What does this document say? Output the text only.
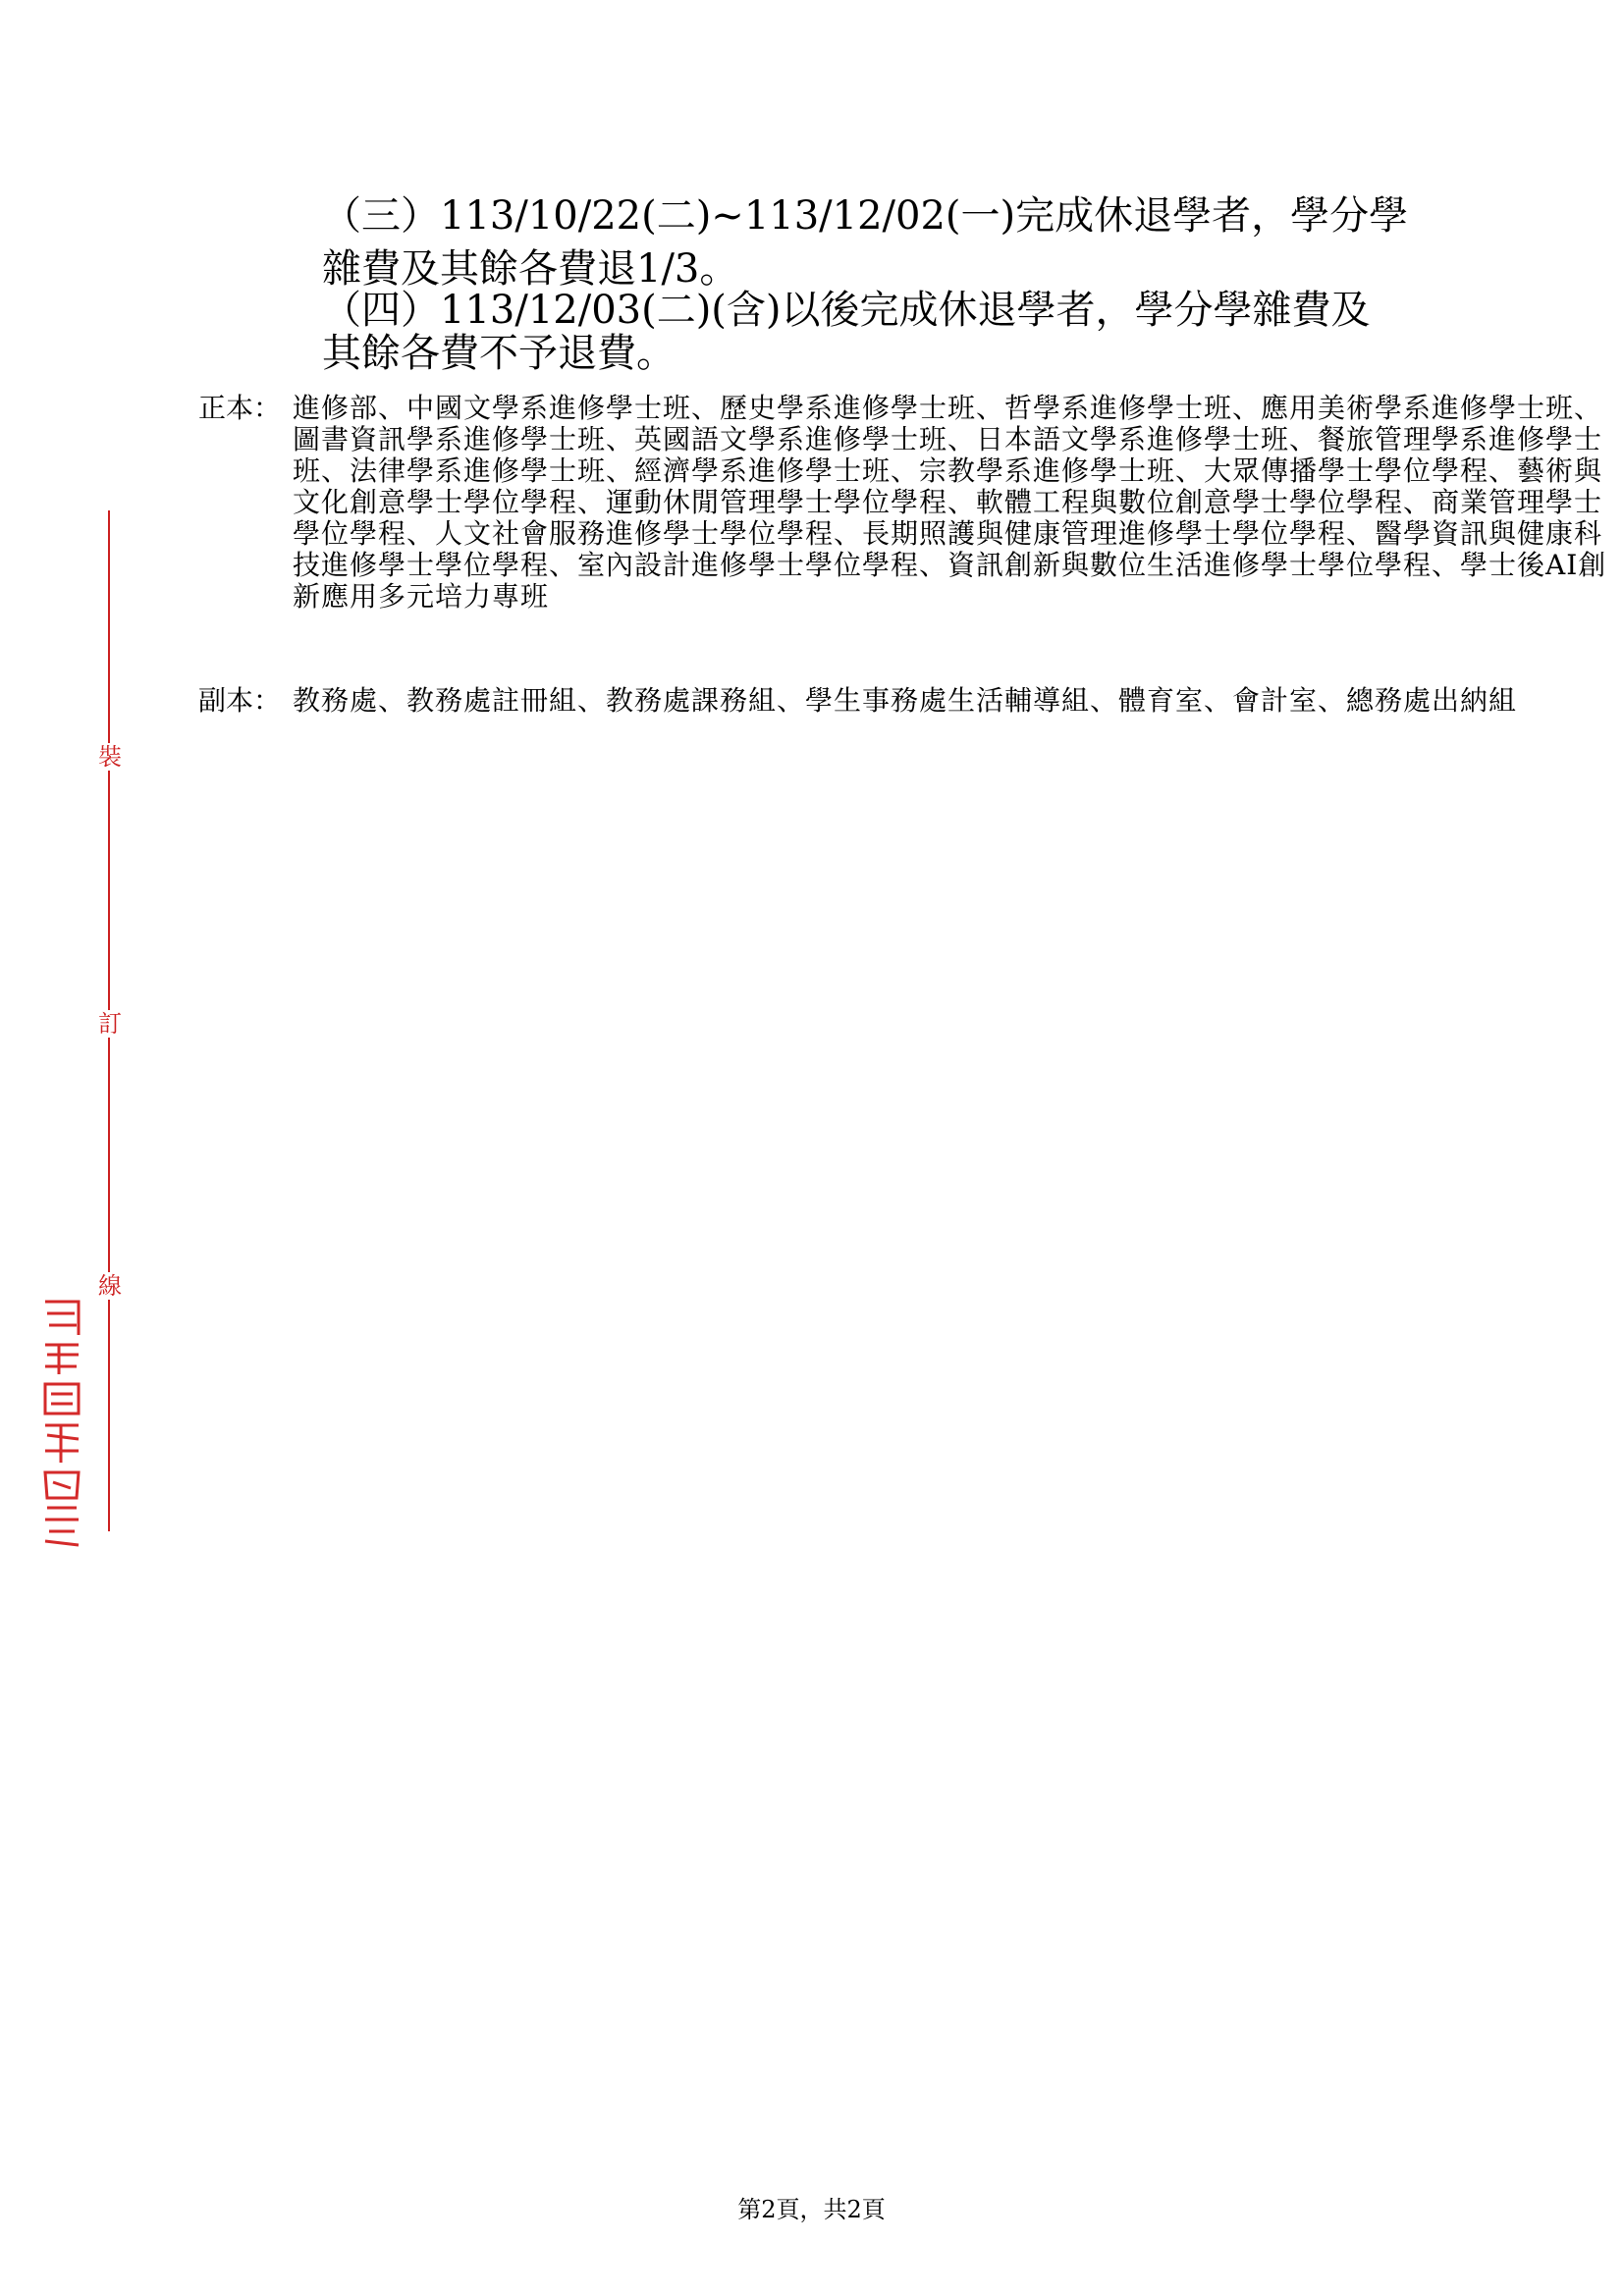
裝
訂
線
（三）113/10/22(二)~113/12/02(一)完成休退學者，學分學
雜費及其餘各費退1/3。
（四）113/12/03(二)(含)以後完成休退學者，學分學雜費及
其餘各費不予退費。
正本： 進修部、中國文學系進修學士班、歷史學系進修學士班、哲學系進修學士班、應用美術學系進修學士班、圖書資訊學系進修學士班、英國語文學系進修學士班、日本語文學系進修學士班、餐旅管理學系進修學士班、法律學系進修學士班、經濟學系進修學士班、宗教學系進修學士班、大眾傳播學士學位學程、藝術與文化創意學士學位學程、運動休閒管理學士學位學程、軟體工程與數位創意學士學位學程、商業管理學士學位學程、人文社會服務進修學士學位學程、長期照護與健康管理進修學士學位學程、醫學資訊與健康科技進修學士學位學程、室內設計進修學士學位學程、資訊創新與數位生活進修學士學位學程、學士後AI創新應用多元培力專班
副本： 教務處、教務處註冊組、教務處課務組、學生事務處生活輔導組、體育室、會計室、總務處出納組
第2頁，共2頁
